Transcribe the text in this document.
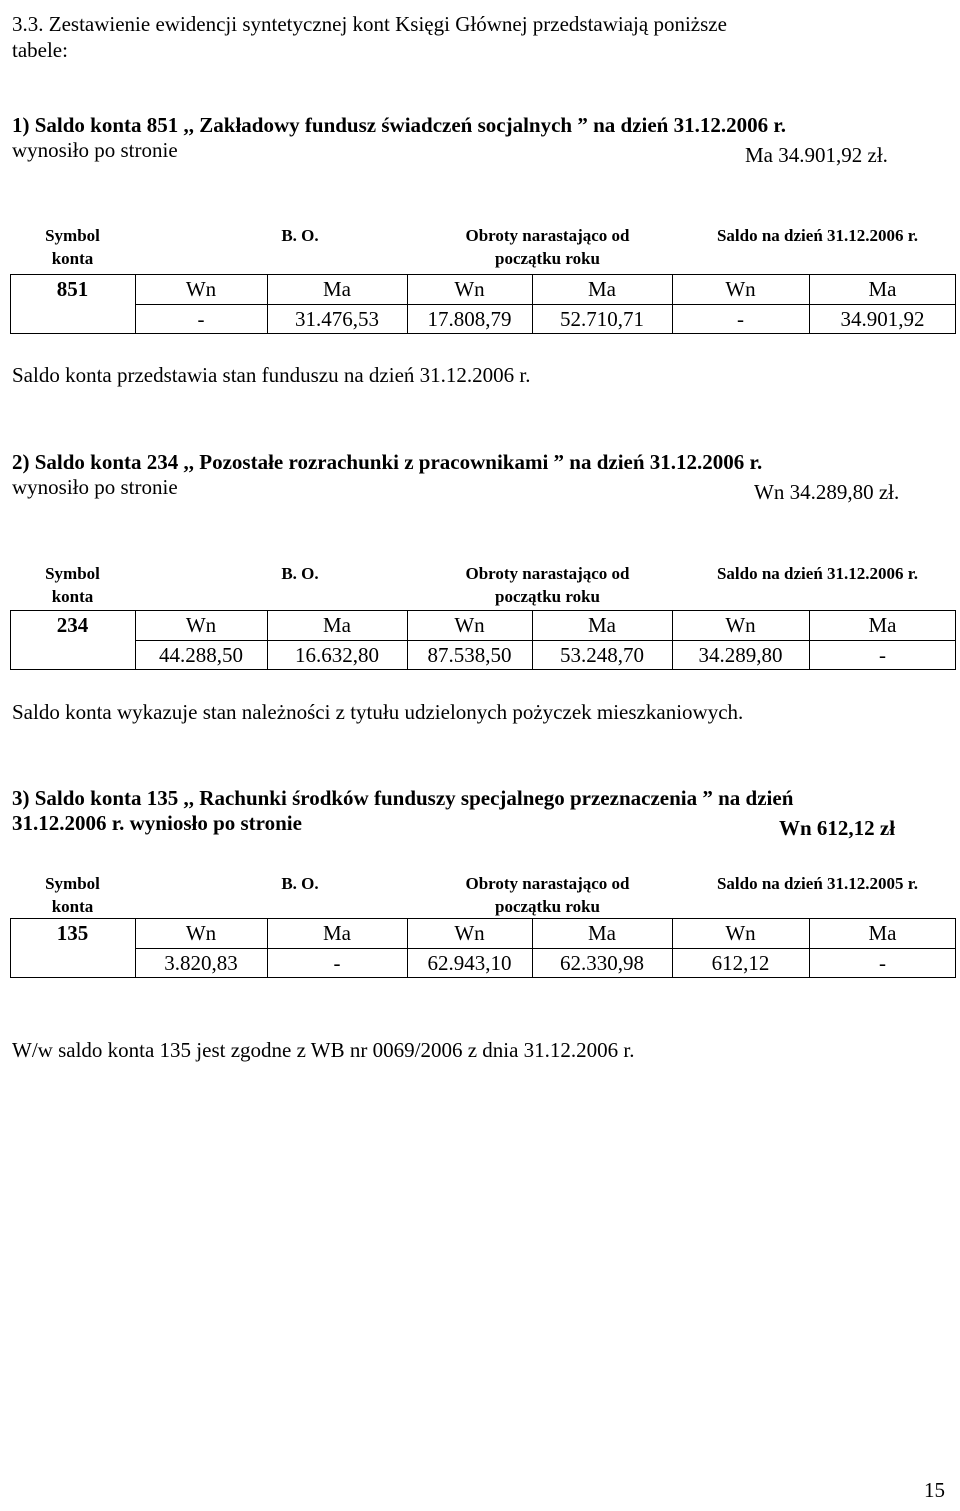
3.3. Zestawienie ewidencji syntetycznej kont Księgi Głównej przedstawiają poniższe
tabele:
1) Saldo konta 851 ,, Zakładowy fundusz świadczeń socjalnych ” na dzień 31.12.2006 r.
wynosiło po stronie	Ma 34.901,92 zł.
Symbol
konta
B. O.	Obroty narastająco od
początku roku
Saldo na dzień 31.12.2006 r.
851	Wn	Ma	Wn	Ma	Wn	Ma
-	31.476,53	17.808,79	52.710,71	-	34.901,92
Saldo konta przedstawia stan funduszu na dzień 31.12.2006 r.
2) Saldo konta 234 ,, Pozostałe rozrachunki z pracownikami ” na dzień 31.12.2006 r.
wynosiło po stronie	Wn 34.289,80 zł.
Symbol
konta
B. O.	Obroty narastająco od
początku roku
Saldo na dzień 31.12.2006 r.
234	Wn	Ma	Wn	Ma	Wn	Ma
44.288,50	16.632,80	87.538,50	53.248,70	34.289,80	-
Saldo konta wykazuje stan należności z tytułu udzielonych pożyczek mieszkaniowych.
3) Saldo konta 135 ,, Rachunki środków funduszy specjalnego przeznaczenia ” na dzień
31.12.2006 r. wyniosło po stronie	Wn 612,12 zł
Symbol
konta
B. O.	Obroty narastająco od
początku roku
Saldo na dzień 31.12.2005 r.
135	Wn	Ma	Wn	Ma	Wn	Ma
3.820,83	-	62.943,10	62.330,98	612,12	-
W/w saldo konta 135 jest zgodne z WB nr 0069/2006 z dnia 31.12.2006 r.
15
